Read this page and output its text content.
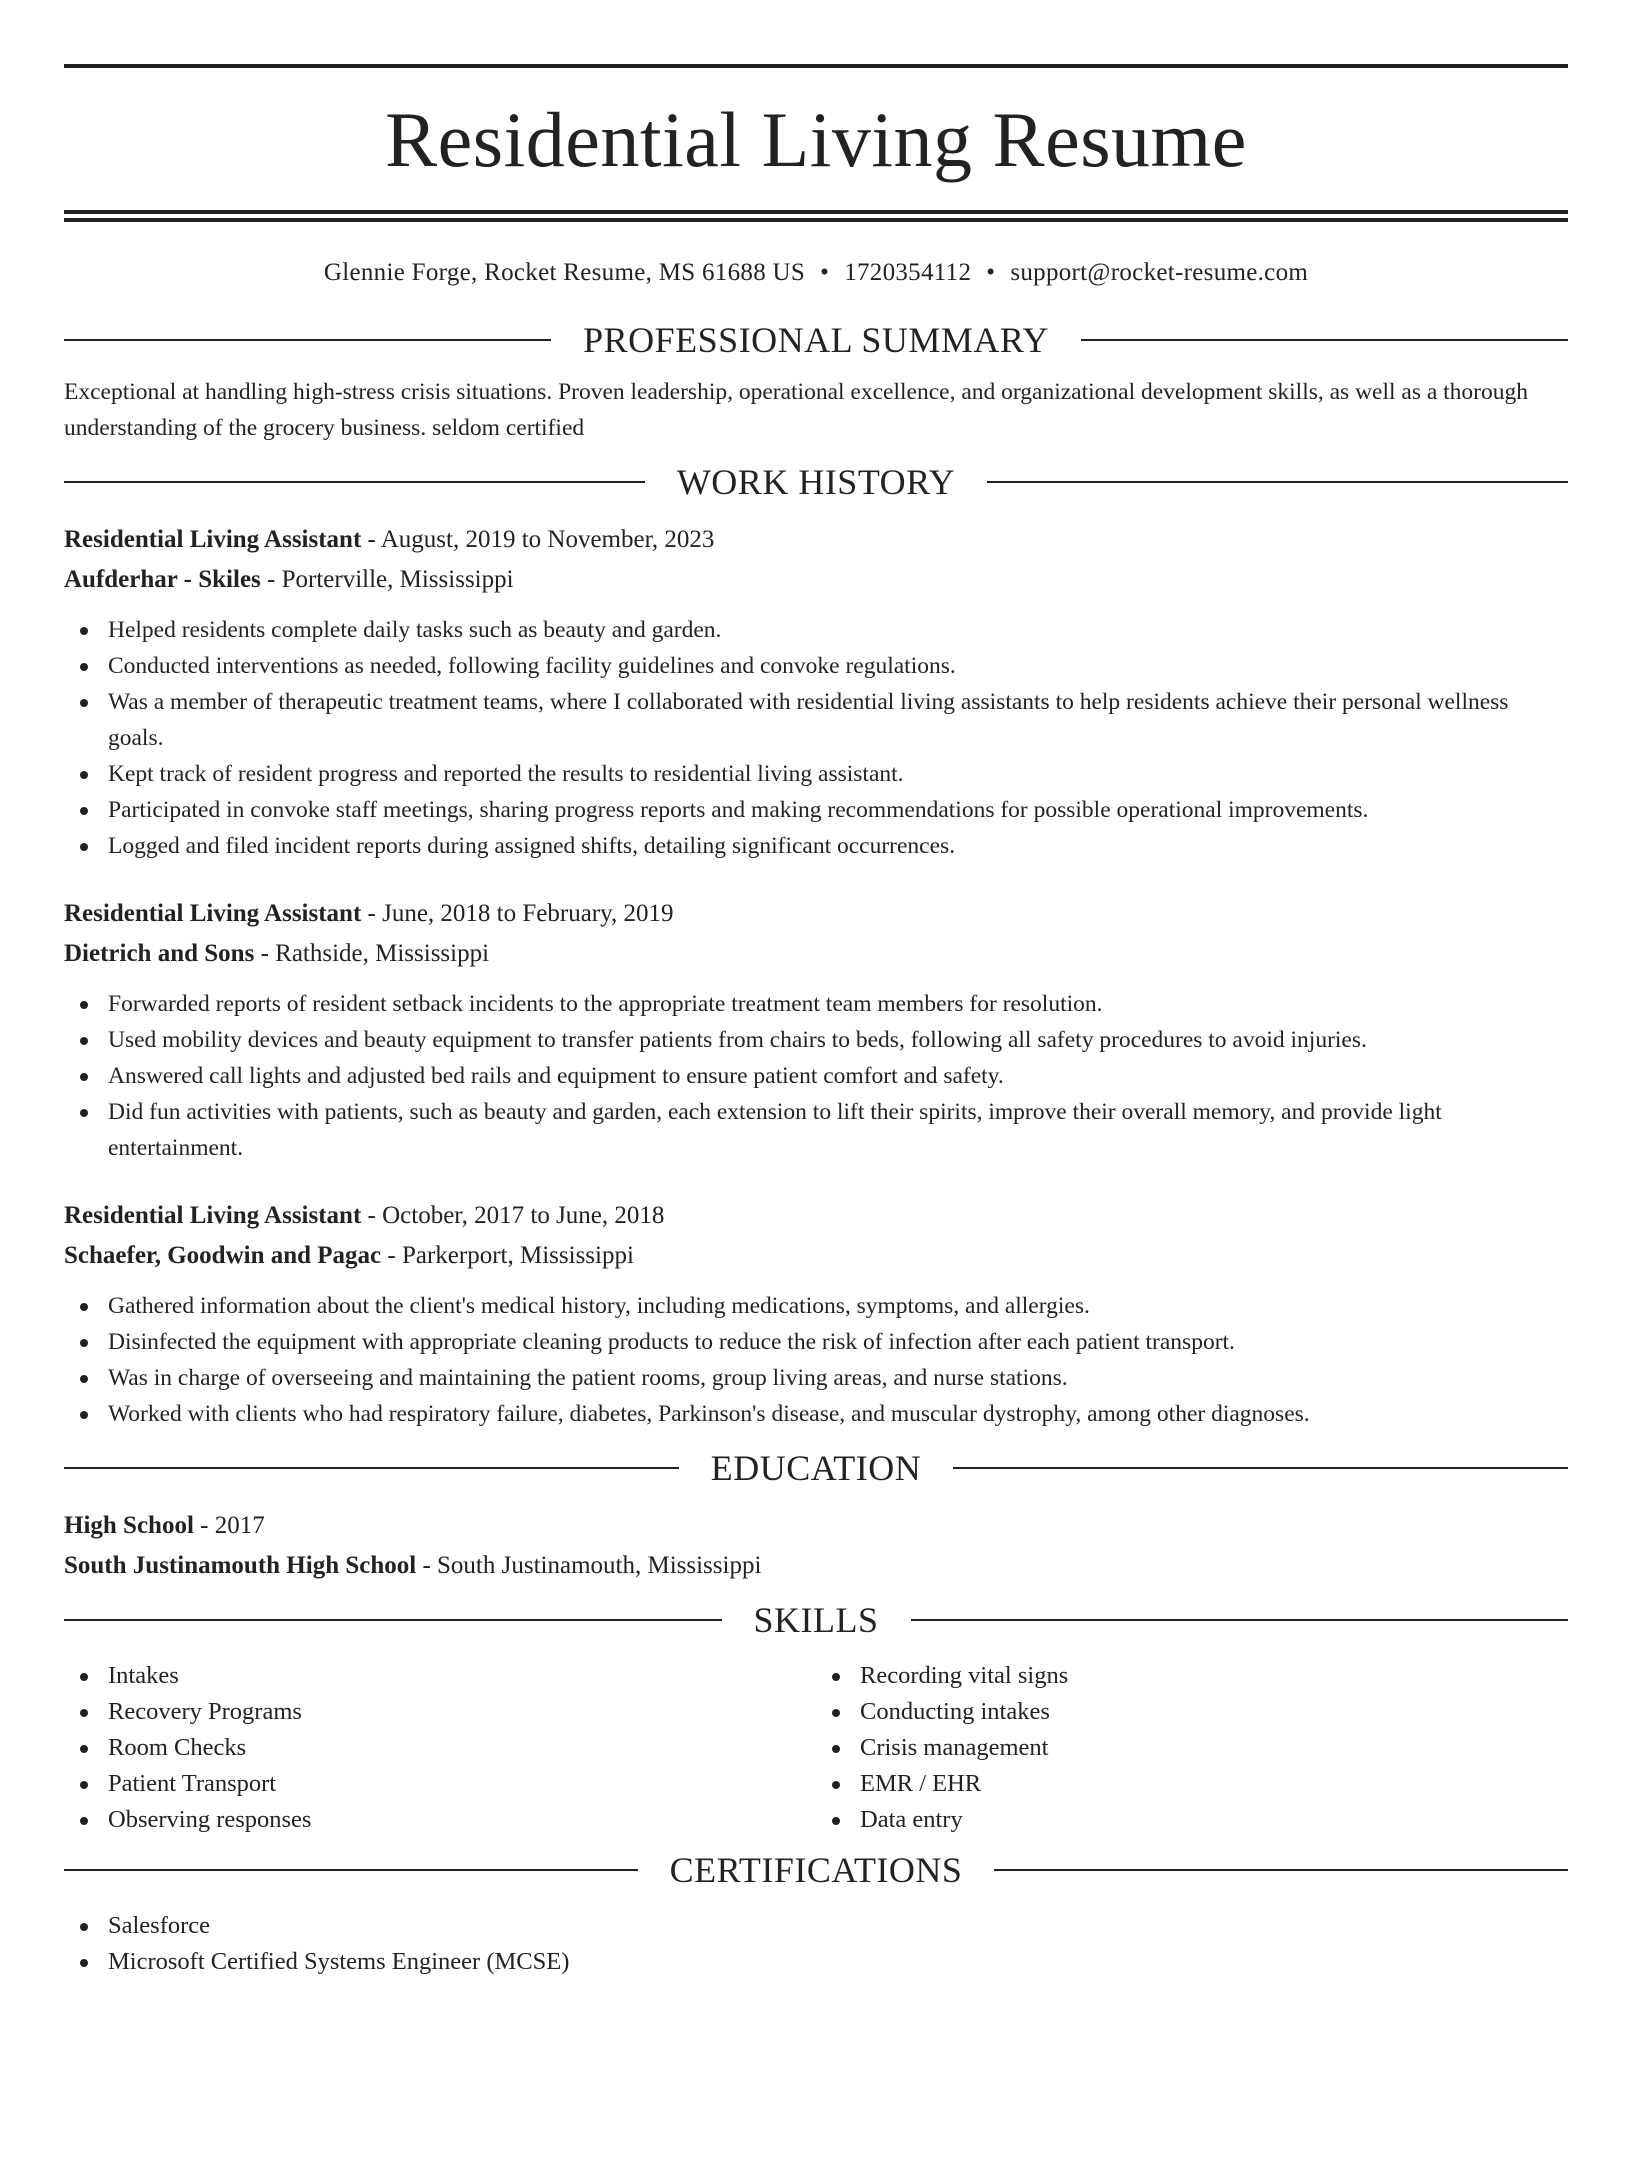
Residential Living Resume
Glennie Forge, Rocket Resume, MS 61688 US • 1720354112 • support@rocket-resume.com
PROFESSIONAL SUMMARY

Exceptional at handling high-stress crisis situations. Proven leadership, operational excellence, and organizational development skills, as well as a thorough understanding of the grocery business. seldom certified

WORK HISTORY
Residential Living Assistant - August, 2019 to November, 2023
Aufderhar - Skiles - Porterville, Mississippi
Helped residents complete daily tasks such as beauty and garden.
Conducted interventions as needed, following facility guidelines and convoke regulations.
Was a member of therapeutic treatment teams, where I collaborated with residential living assistants to help residents achieve their personal wellness goals.
Kept track of resident progress and reported the results to residential living assistant.
Participated in convoke staff meetings, sharing progress reports and making recommendations for possible operational improvements.
Logged and filed incident reports during assigned shifts, detailing significant occurrences.
Residential Living Assistant - June, 2018 to February, 2019
Dietrich and Sons - Rathside, Mississippi
Forwarded reports of resident setback incidents to the appropriate treatment team members for resolution.
Used mobility devices and beauty equipment to transfer patients from chairs to beds, following all safety procedures to avoid injuries.
Answered call lights and adjusted bed rails and equipment to ensure patient comfort and safety.
Did fun activities with patients, such as beauty and garden, each extension to lift their spirits, improve their overall memory, and provide light entertainment.
Residential Living Assistant - October, 2017 to June, 2018
Schaefer, Goodwin and Pagac - Parkerport, Mississippi
Gathered information about the client's medical history, including medications, symptoms, and allergies.
Disinfected the equipment with appropriate cleaning products to reduce the risk of infection after each patient transport.
Was in charge of overseeing and maintaining the patient rooms, group living areas, and nurse stations.
Worked with clients who had respiratory failure, diabetes, Parkinson's disease, and muscular dystrophy, among other diagnoses.
EDUCATION
High School - 2017
South Justinamouth High School - South Justinamouth, Mississippi
SKILLS
Intakes
Recovery Programs
Room Checks
Patient Transport
Observing responses
Recording vital signs
Conducting intakes
Crisis management
EMR / EHR
Data entry
CERTIFICATIONS
Salesforce
Microsoft Certified Systems Engineer (MCSE)
